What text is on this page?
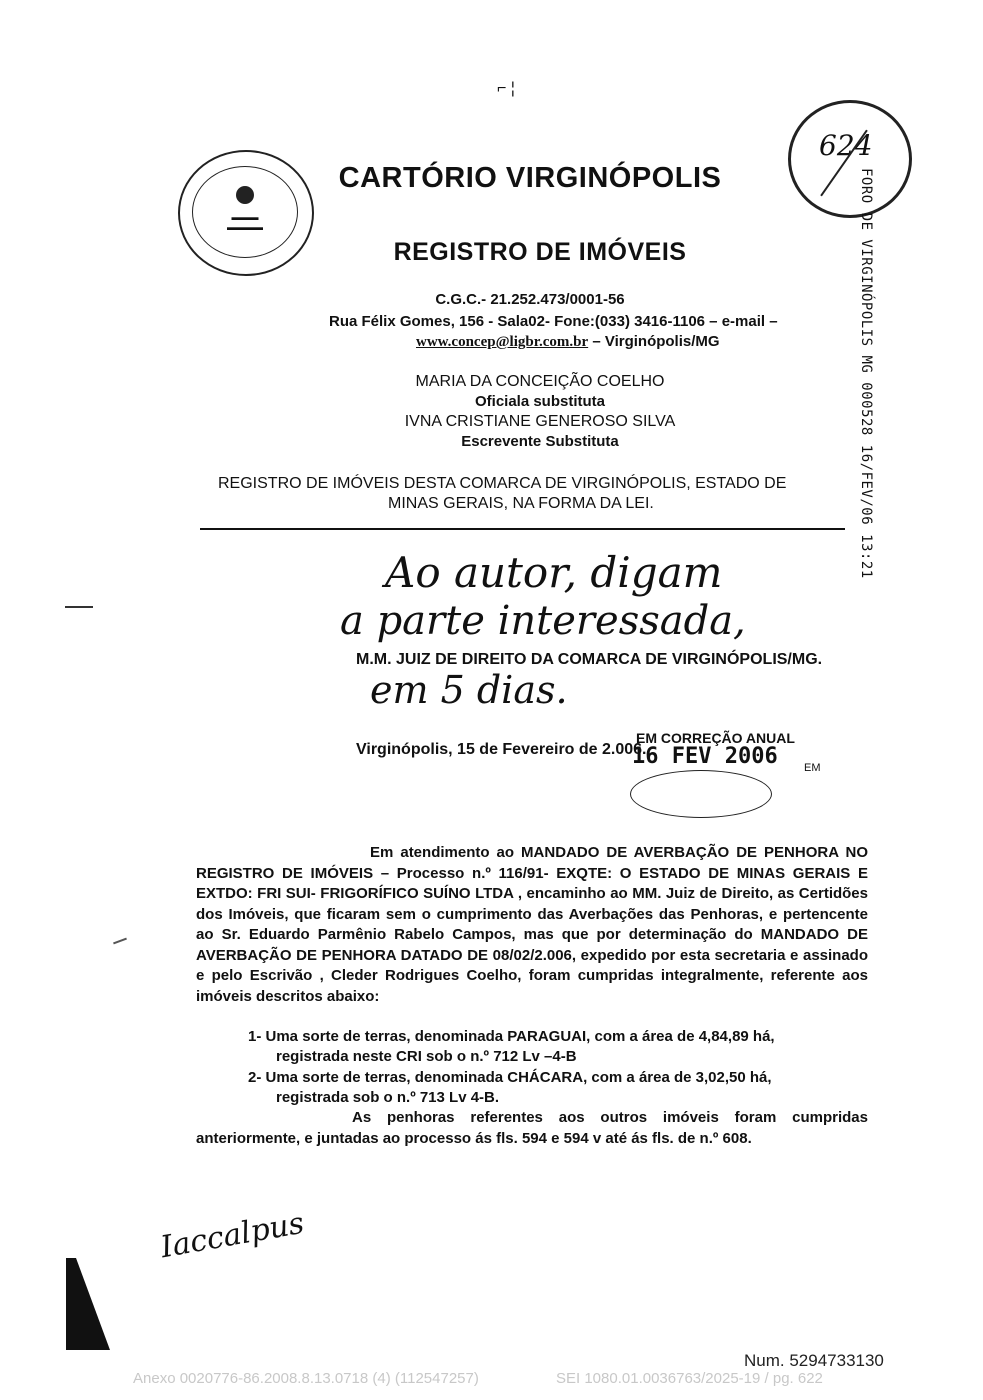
⌐ ¦
▬▬▬
▬▬▬▬
CARTÓRIO VIRGINÓPOLIS
REGISTRO DE IMÓVEIS
624
FORO DE VIRGINÓPOLIS MG 000528 16/FEV/06 13:21
C.G.C.- 21.252.473/0001-56
Rua Félix Gomes, 156 - Sala02- Fone:(033) 3416-1106 – e-mail –
www.concep@ligbr.com.br – Virginópolis/MG
MARIA DA CONCEIÇÃO COELHO
Oficiala substituta
IVNA CRISTIANE GENEROSO SILVA
Escrevente Substituta
REGISTRO DE IMÓVEIS DESTA COMARCA DE VIRGINÓPOLIS, ESTADO DE
MINAS GERAIS, NA FORMA DA LEI.
Ao autor, digam
a parte interessada,
em 5 dias.
M.M. JUIZ DE DIREITO DA COMARCA DE VIRGINÓPOLIS/MG.
Virginópolis, 15 de Fevereiro de 2.006.
EM CORREÇÃO ANUAL
16 FEV 2006 EM
Em atendimento ao MANDADO DE AVERBAÇÃO DE PENHORA NO REGISTRO DE IMÓVEIS – Processo n.º 116/91- EXQTE: O ESTADO DE MINAS GERAIS E EXTDO: FRI SUI- FRIGORÍFICO SUÍNO LTDA , encaminho ao MM. Juiz de Direito, as Certidões dos Imóveis, que ficaram sem o cumprimento das Averbações das Penhoras, e pertencente ao Sr. Eduardo Parmênio Rabelo Campos, mas que por determinação do MANDADO DE AVERBAÇÃO DE PENHORA DATADO DE 08/02/2.006, expedido por esta secretaria e assinado e pelo Escrivão , Cleder Rodrigues Coelho, foram cumpridas integralmente, referente aos imóveis descritos abaixo:
1- Uma sorte de terras, denominada PARAGUAI, com a área de 4,84,89 há,
registrada neste CRI sob o n.º 712 Lv –4-B
2- Uma sorte de terras, denominada CHÁCARA, com a área de 3,02,50 há,
registrada sob o n.º 713 Lv 4-B.
As penhoras referentes aos outros imóveis foram cumpridas anteriormente, e juntadas ao processo ás fls. 594 e 594 v até ás fls. de n.º 608.
Iaccalpus
Num. 5294733130
Anexo 0020776-86.2008.8.13.0718 (4) (112547257)	SEI 1080.01.0036763/2025-19 / pg. 622
